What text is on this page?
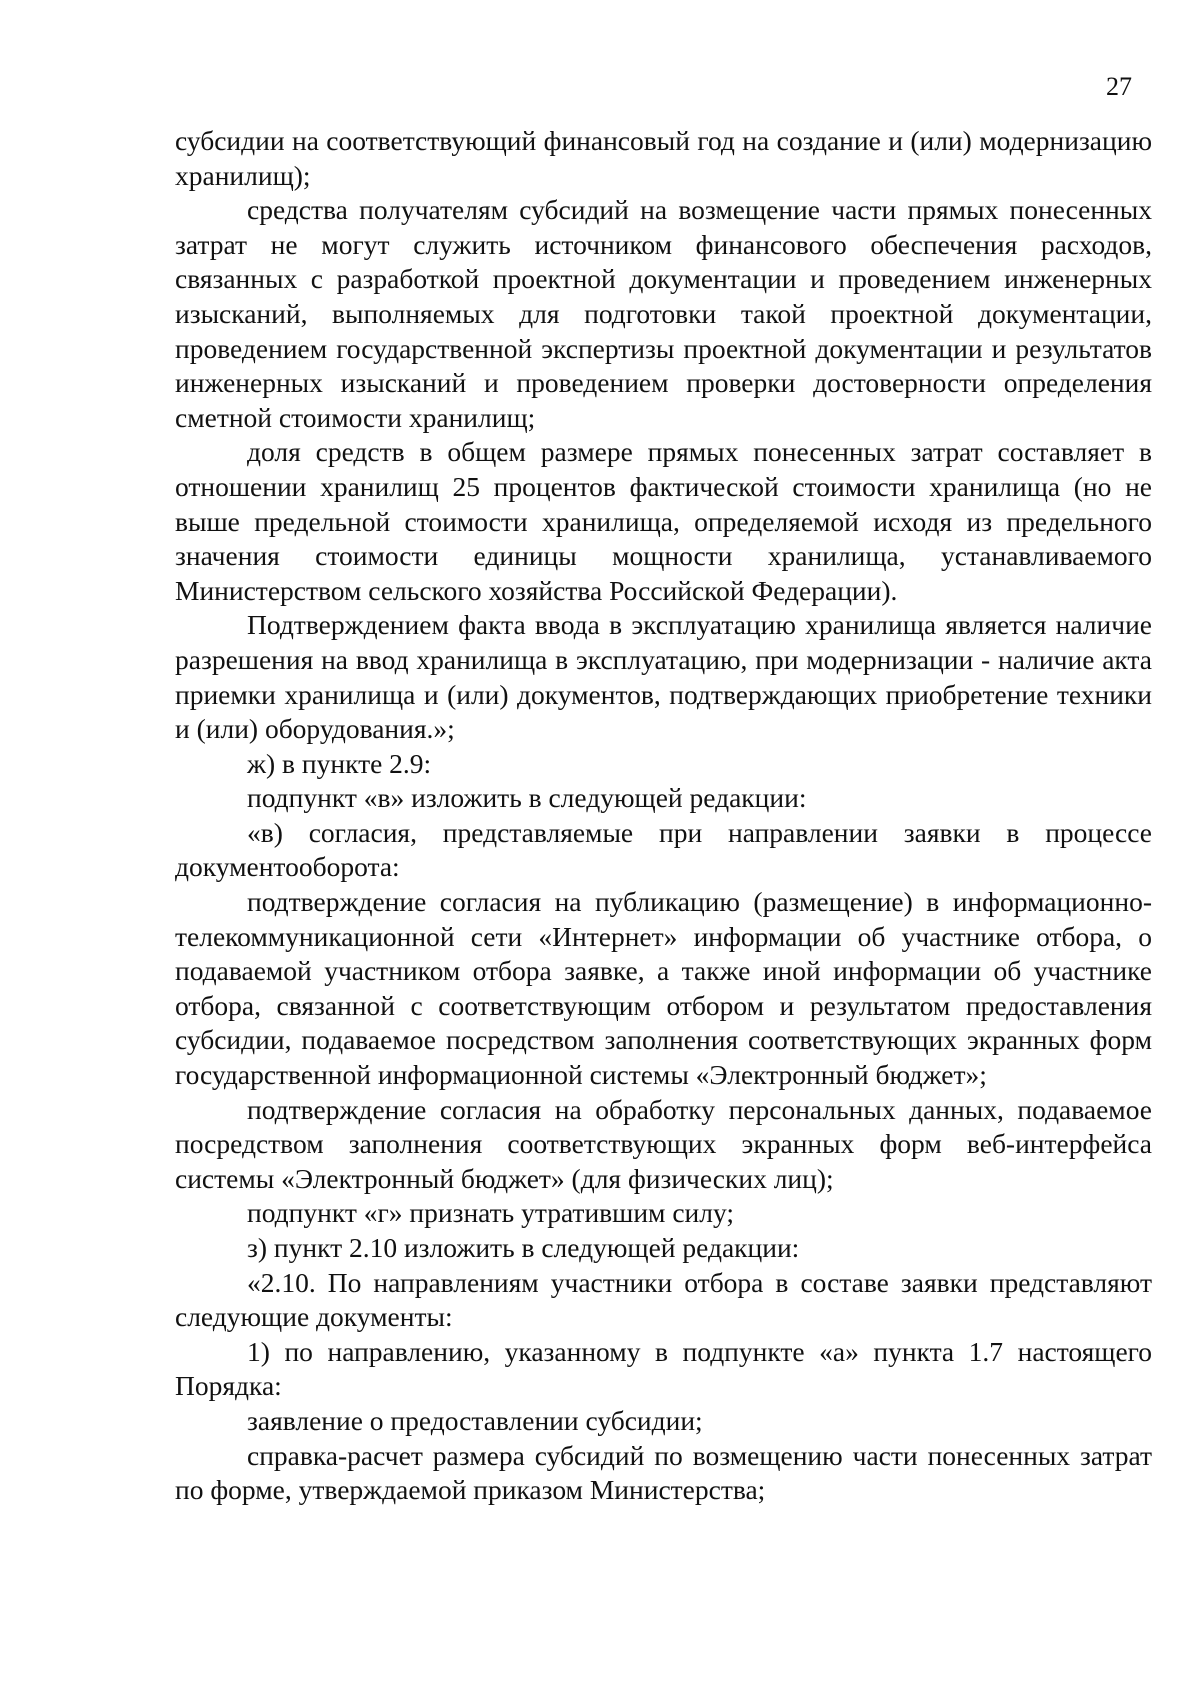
27

субсидии на соответствующий финансовый год на создание и (или) модернизацию хранилищ);

средства получателям субсидий на возмещение части прямых понесенных затрат не могут служить источником финансового обеспечения расходов, связанных с разработкой проектной документации и проведением инженерных изысканий, выполняемых для подготовки такой проектной документации, проведением государственной экспертизы проектной документации и результатов инженерных изысканий и проведением проверки достоверности определения сметной стоимости хранилищ;

доля средств в общем размере прямых понесенных затрат составляет в отношении хранилищ 25 процентов фактической стоимости хранилища (но не выше предельной стоимости хранилища, определяемой исходя из предельного значения стоимости единицы мощности хранилища, устанавливаемого Министерством сельского хозяйства Российской Федерации).

Подтверждением факта ввода в эксплуатацию хранилища является наличие разрешения на ввод хранилища в эксплуатацию, при модернизации - наличие акта приемки хранилища и (или) документов, подтверждающих приобретение техники и (или) оборудования.»;

ж) в пункте 2.9:

подпункт «в» изложить в следующей редакции:

«в) согласия, представляемые при направлении заявки в процессе документооборота:

подтверждение согласия на публикацию (размещение) в информационно-телекоммуникационной сети «Интернет» информации об участнике отбора, о подаваемой участником отбора заявке, а также иной информации об участнике отбора, связанной с соответствующим отбором и результатом предоставления субсидии, подаваемое посредством заполнения соответствующих экранных форм государственной информационной системы «Электронный бюджет»;

подтверждение согласия на обработку персональных данных, подаваемое посредством заполнения соответствующих экранных форм веб-интерфейса системы «Электронный бюджет» (для физических лиц);

подпункт «г» признать утратившим силу;

з) пункт 2.10 изложить в следующей редакции:

«2.10. По направлениям участники отбора в составе заявки представляют следующие документы:

1) по направлению, указанному в подпункте «а» пункта 1.7 настоящего Порядка:

заявление о предоставлении субсидии;

справка-расчет размера субсидий по возмещению части понесенных затрат по форме, утверждаемой приказом Министерства;
